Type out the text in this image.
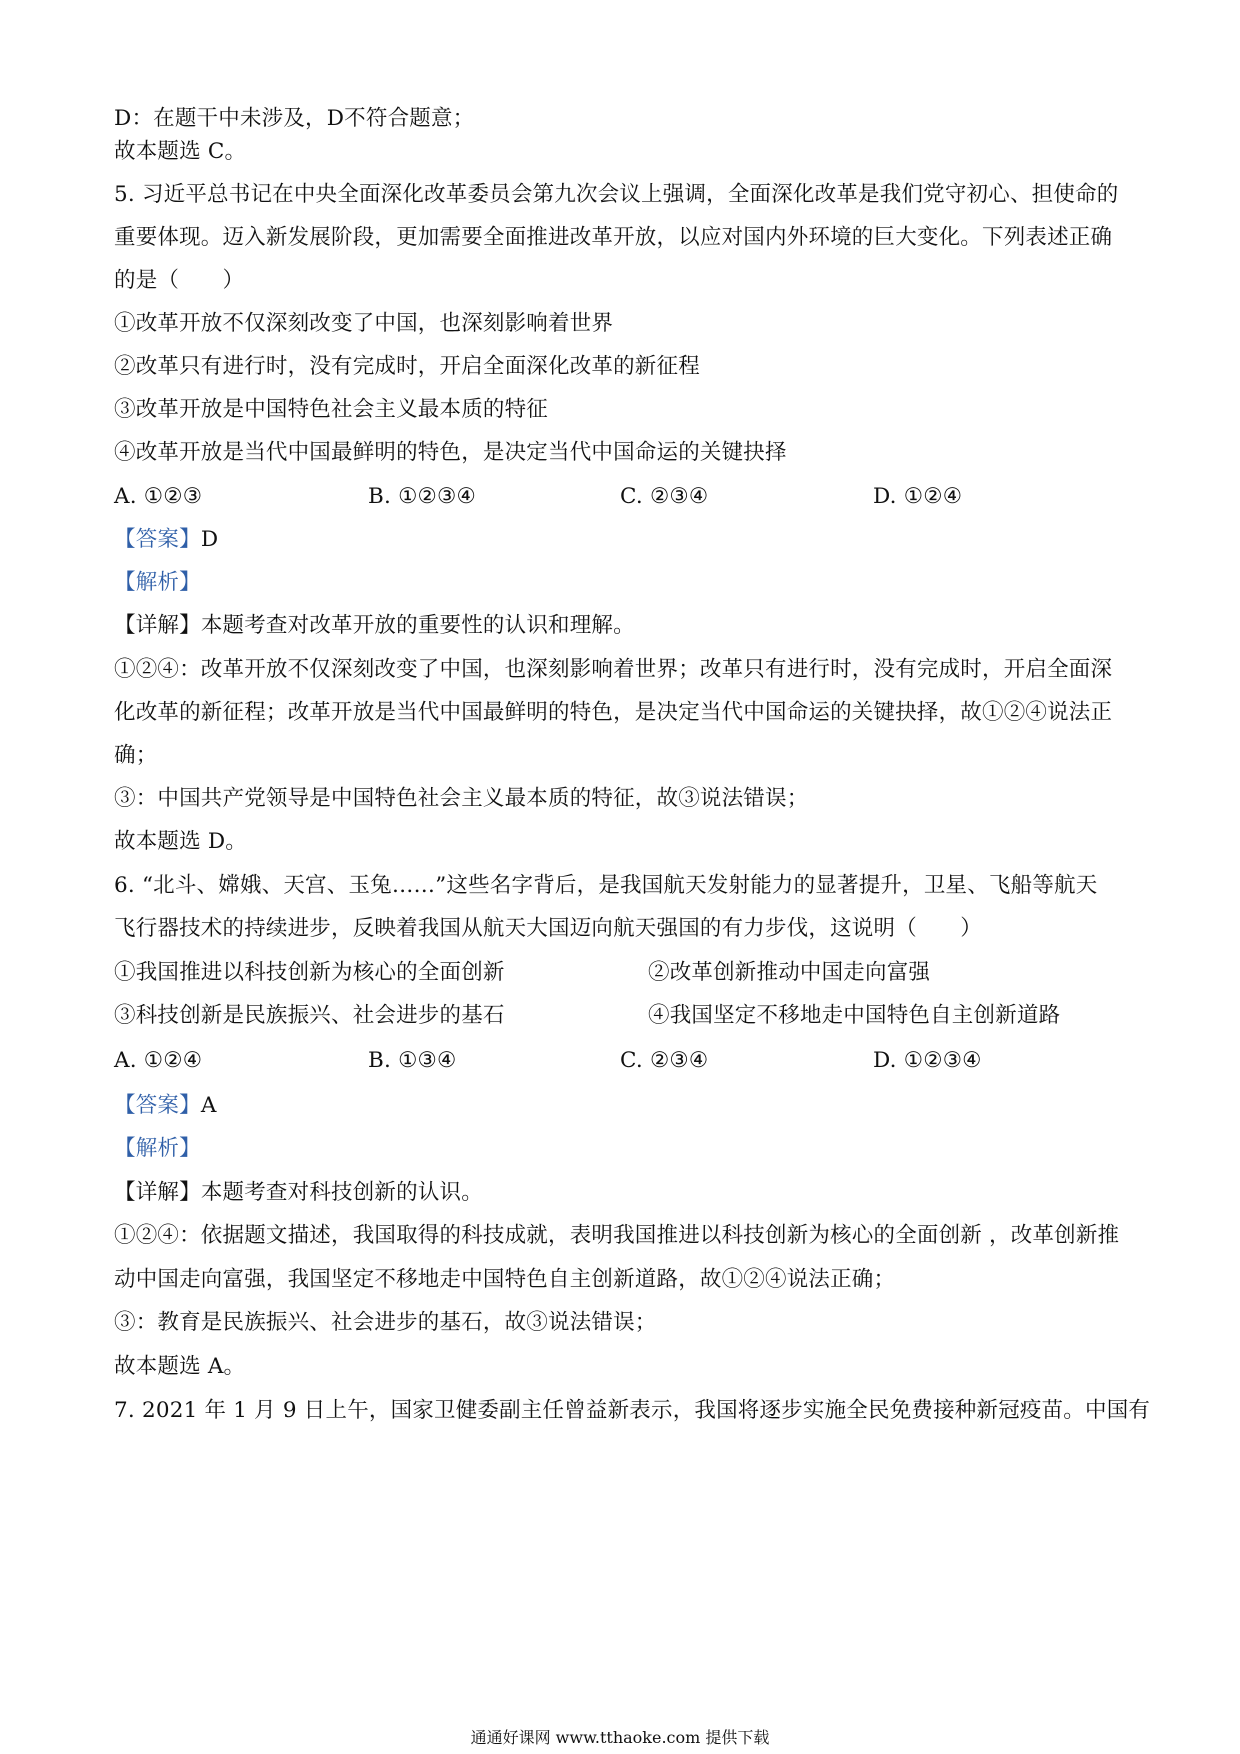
D：在题干中未涉及，D不符合题意；
故本题选 C。
5. 习近平总书记在中央全面深化改革委员会第九次会议上强调，全面深化改革是我们党守初心、担使命的
重要体现。迈入新发展阶段，更加需要全面推进改革开放，以应对国内外环境的巨大变化。下列表述正确
的是（　　）
①改革开放不仅深刻改变了中国，也深刻影响着世界
②改革只有进行时，没有完成时，开启全面深化改革的新征程
③改革开放是中国特色社会主义最本质的特征
④改革开放是当代中国最鲜明的特色，是决定当代中国命运的关键抉择
A. ①②③	B. ①②③④	C. ②③④	D. ①②④
【答案】D
【解析】
【详解】本题考查对改革开放的重要性的认识和理解。
①②④：改革开放不仅深刻改变了中国，也深刻影响着世界；改革只有进行时，没有完成时，开启全面深
化改革的新征程；改革开放是当代中国最鲜明的特色，是决定当代中国命运的关键抉择，故①②④说法正
确；
③：中国共产党领导是中国特色社会主义最本质的特征，故③说法错误；
故本题选 D。
6. “北斗、嫦娥、天宫、玉兔……”这些名字背后，是我国航天发射能力的显著提升，卫星、飞船等航天
飞行器技术的持续进步，反映着我国从航天大国迈向航天强国的有力步伐，这说明（　　）
①我国推进以科技创新为核心的全面创新	②改革创新推动中国走向富强
③科技创新是民族振兴、社会进步的基石	④我国坚定不移地走中国特色自主创新道路
A. ①②④	B. ①③④	C. ②③④	D. ①②③④
【答案】A
【解析】
【详解】本题考查对科技创新的认识。
①②④：依据题文描述，我国取得的科技成就，表明我国推进以科技创新为核心的全面创新 ，改革创新推
动中国走向富强，我国坚定不移地走中国特色自主创新道路，故①②④说法正确；
③：教育是民族振兴、社会进步的基石，故③说法错误；
故本题选 A。
7. 2021 年 1 月 9 日上午，国家卫健委副主任曾益新表示，我国将逐步实施全民免费接种新冠疫苗。中国有
通通好课网 www.tthaoke.com 提供下载
